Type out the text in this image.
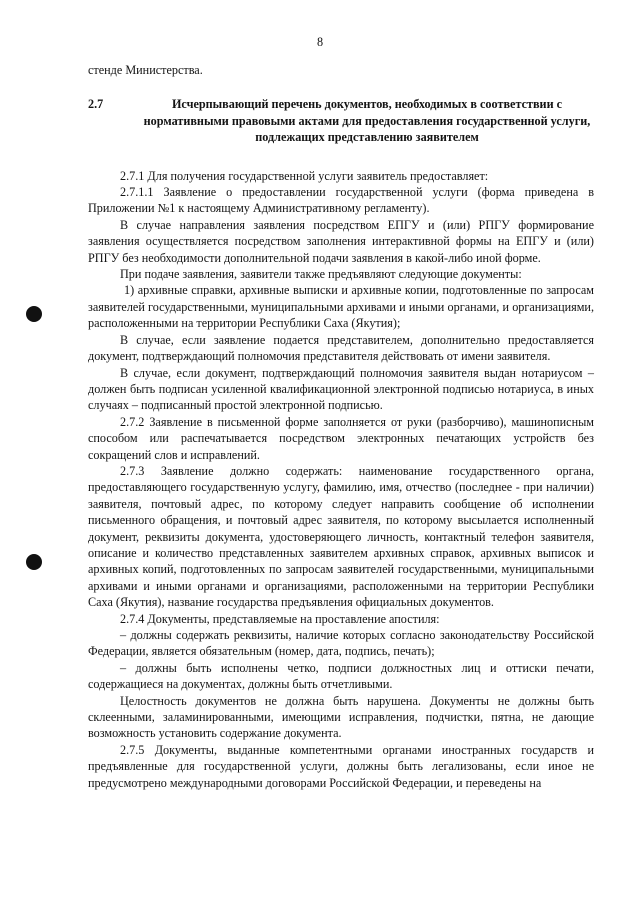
8

стенде Министерства.

2.7	Исчерпывающий перечень документов, необходимых в соответствии с нормативными правовыми актами для предоставления государственной услуги, подлежащих представлению заявителем

2.7.1 Для получения государственной услуги заявитель предоставляет:

2.7.1.1 Заявление о предоставлении государственной услуги (форма приведена в Приложении №1 к настоящему Административному регламенту).

В случае направления заявления посредством ЕПГУ и (или) РПГУ формирование заявления осуществляется посредством заполнения интерактивной формы на ЕПГУ и (или) РПГУ без необходимости дополнительной подачи заявления в какой-либо иной форме.

При подаче заявления, заявители также предъявляют следующие документы:

1) архивные справки, архивные выписки и архивные копии, подготовленные по запросам заявителей государственными, муниципальными архивами и иными органами, и организациями, расположенными на территории Республики Саха (Якутия);

В случае, если заявление подается представителем, дополнительно предоставляется документ, подтверждающий полномочия представителя действовать от имени заявителя.

В случае, если документ, подтверждающий полномочия заявителя выдан нотариусом – должен быть подписан усиленной квалификационной электронной подписью нотариуса, в иных случаях – подписанный простой электронной подписью.

2.7.2 Заявление в письменной форме заполняется от руки (разборчиво), машинописным способом или распечатывается посредством электронных печатающих устройств без сокращений слов и исправлений.

2.7.3 Заявление должно содержать: наименование государственного органа, предоставляющего государственную услугу, фамилию, имя, отчество (последнее - при наличии) заявителя, почтовый адрес, по которому следует направить сообщение об исполнении письменного обращения, и почтовый адрес заявителя, по которому высылается исполненный документ, реквизиты документа, удостоверяющего личность, контактный телефон заявителя, описание и количество представленных заявителем архивных справок, архивных выписок и архивных копий, подготовленных по запросам заявителей государственными, муниципальными архивами и иными органами и организациями, расположенными на территории Республики Саха (Якутия), название государства предъявления официальных документов.

2.7.4 Документы, представляемые на проставление апостиля:

– должны содержать реквизиты, наличие которых согласно законодательству Российской Федерации, является обязательным (номер, дата, подпись, печать);

– должны быть исполнены четко, подписи должностных лиц и оттиски печати, содержащиеся на документах, должны быть отчетливыми.

Целостность документов не должна быть нарушена. Документы не должны быть склеенными, заламинированными, имеющими исправления, подчистки, пятна, не дающие возможность установить содержание документа.

2.7.5 Документы, выданные компетентными органами иностранных государств и предъявленные для государственной услуги, должны быть легализованы, если иное не предусмотрено международными договорами Российской Федерации, и переведены на
